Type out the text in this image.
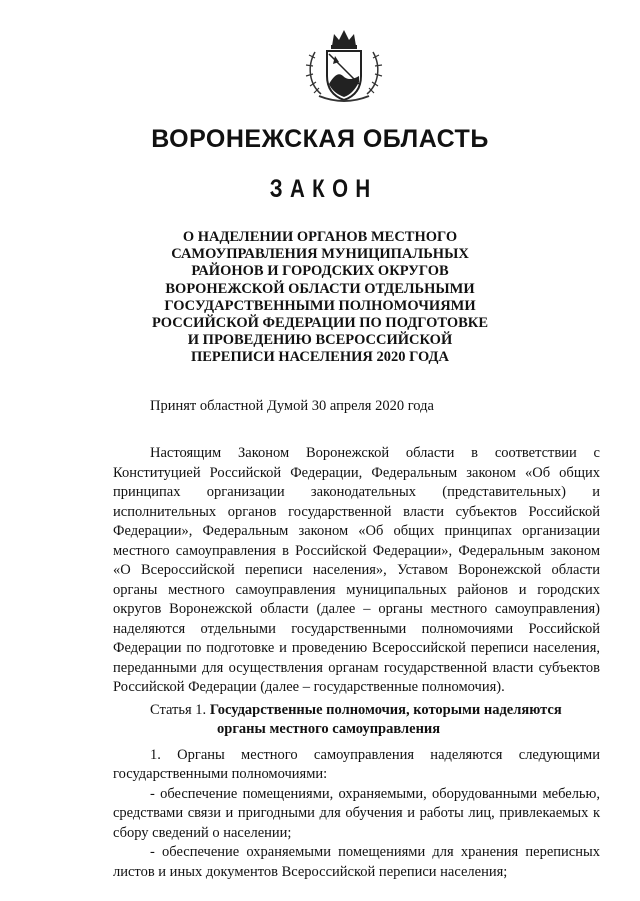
ВОРОНЕЖСКАЯ ОБЛАСТЬ
ЗАКОН

О НАДЕЛЕНИИ ОРГАНОВ МЕСТНОГО САМОУПРАВЛЕНИЯ МУНИЦИПАЛЬНЫХ РАЙОНОВ И ГОРОДСКИХ ОКРУГОВ ВОРОНЕЖСКОЙ ОБЛАСТИ ОТДЕЛЬНЫМИ ГОСУДАРСТВЕННЫМИ ПОЛНОМОЧИЯМИ РОССИЙСКОЙ ФЕДЕРАЦИИ ПО ПОДГОТОВКЕ И ПРОВЕДЕНИЮ ВСЕРОССИЙСКОЙ ПЕРЕПИСИ НАСЕЛЕНИЯ 2020 ГОДА

Принят областной Думой 30 апреля 2020 года

Настоящим Законом Воронежской области в соответствии с Конституцией Российской Федерации, Федеральным законом «Об общих принципах организации законодательных (представительных) и исполнительных органов государственной власти субъектов Российской Федерации», Федеральным законом «Об общих принципах организации местного самоуправления в Российской Федерации», Федеральным законом «О Всероссийской переписи населения», Уставом Воронежской области органы местного самоуправления муниципальных районов и городских округов Воронежской области (далее – органы местного самоуправления) наделяются отдельными государственными полномочиями Российской Федерации по подготовке и проведению Всероссийской переписи населения, переданными для осуществления органам государственной власти субъектов Российской Федерации (далее – государственные полномочия).

Статья 1. Государственные полномочия, которыми наделяются
органы местного самоуправления

1. Органы местного самоуправления наделяются следующими государственными полномочиями:

- обеспечение помещениями, охраняемыми, оборудованными мебелью, средствами связи и пригодными для обучения и работы лиц, привлекаемых к сбору сведений о населении;

- обеспечение охраняемыми помещениями для хранения переписных листов и иных документов Всероссийской переписи населения;
